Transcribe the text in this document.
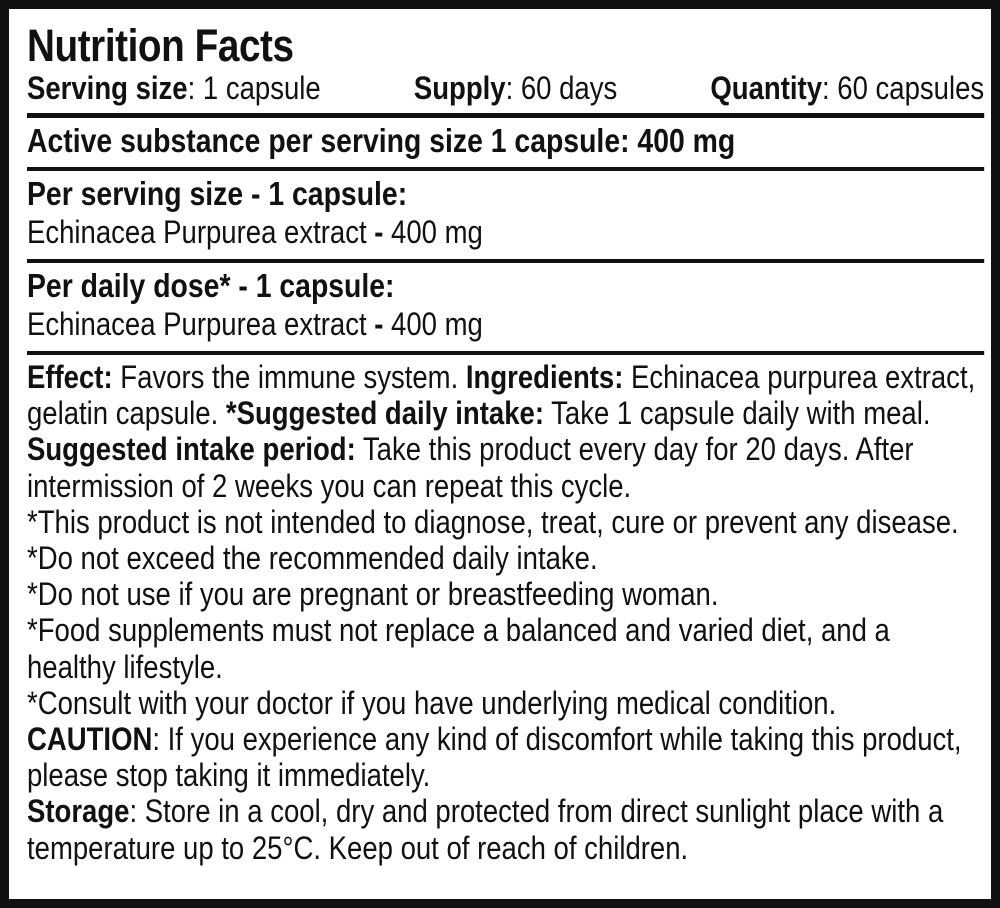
Nutrition Facts
Serving size: 1 capsule	Supply: 60 days	Quantity: 60 capsules
Active substance per serving size 1 capsule: 400 mg
Per serving size - 1 capsule:
Echinacea Purpurea extract - 400 mg
Per daily dose* - 1 capsule:
Echinacea Purpurea extract - 400 mg

Effect: Favors the immune system. Ingredients: Echinacea purpurea extract, gelatin capsule. *Suggested daily intake: Take 1 capsule daily with meal. Suggested intake period: Take this product every day for 20 days. After intermission of 2 weeks you can repeat this cycle.

*This product is not intended to diagnose, treat, cure or prevent any disease.

*Do not exceed the recommended daily intake.

*Do not use if you are pregnant or breastfeeding woman.

*Food supplements must not replace a balanced and varied diet, and a healthy lifestyle.

*Consult with your doctor if you have underlying medical condition.

CAUTION: If you experience any kind of discomfort while taking this product, please stop taking it immediately.

Storage: Store in a cool, dry and protected from direct sunlight place with a temperature up to 25°C. Keep out of reach of children.
